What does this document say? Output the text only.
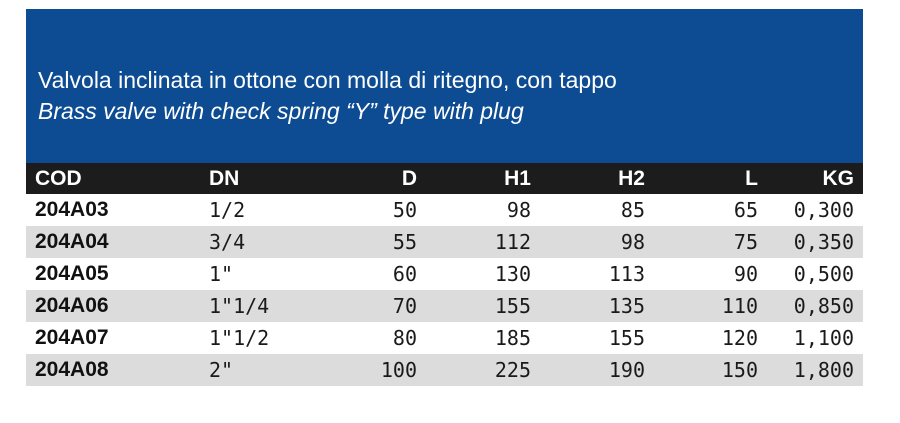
Valvola inclinata in ottone con molla di ritegno, con tappo
Brass valve with check spring “Y” type with plug
COD	DN	D	H1	H2	L	KG
204A03	1/2	50	98	85	65	0,300
204A04	3/4	55	112	98	75	0,350
204A05	1"	60	130	113	90	0,500
204A06	1"1/4	70	155	135	110	0,850
204A07	1"1/2	80	185	155	120	1,100
204A08	2"	100	225	190	150	1,800
